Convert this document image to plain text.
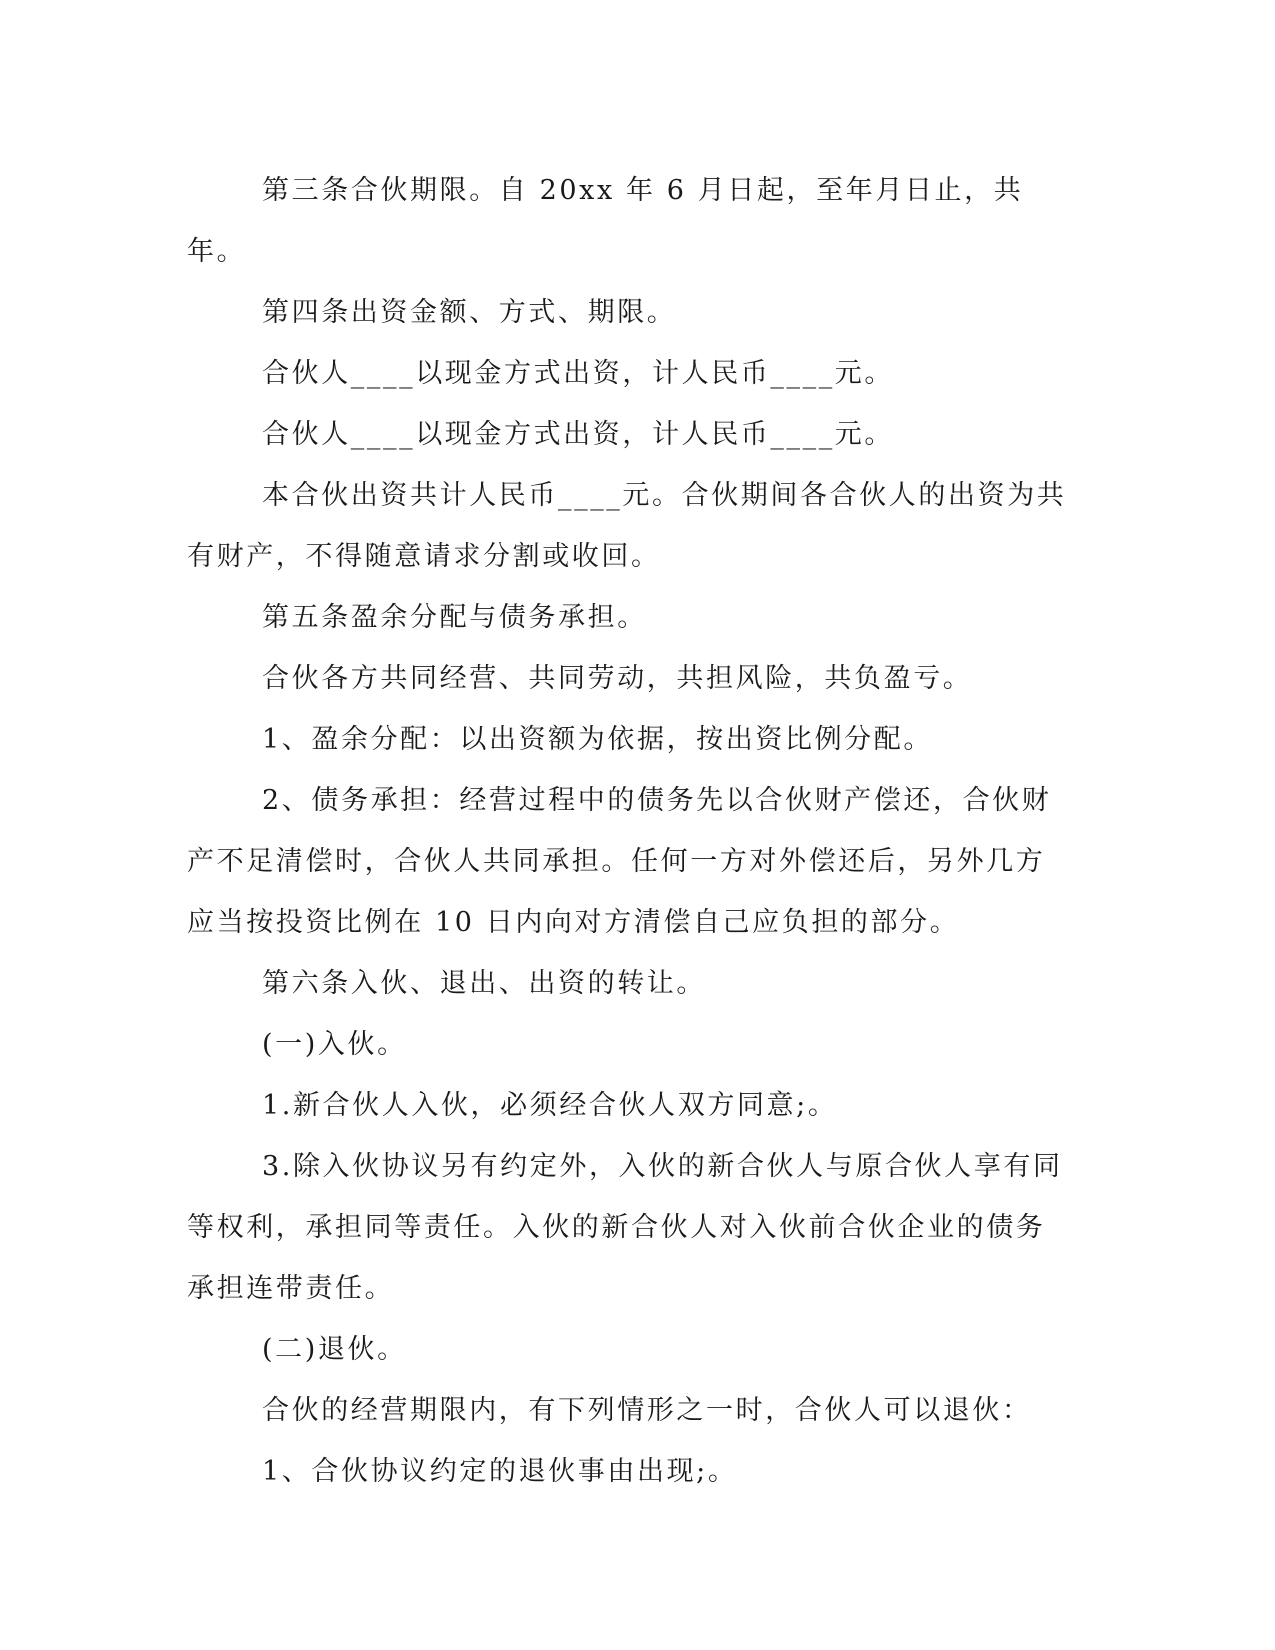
第三条合伙期限。自 20xx 年 6 月日起，至年月日止，共年。

第四条出资金额、方式、期限。

合伙人____以现金方式出资，计人民币____元。

合伙人____以现金方式出资，计人民币____元。

本合伙出资共计人民币____元。合伙期间各合伙人的出资为共有财产，不得随意请求分割或收回。

第五条盈余分配与债务承担。

合伙各方共同经营、共同劳动，共担风险，共负盈亏。

1、盈余分配：以出资额为依据，按出资比例分配。

2、债务承担：经营过程中的债务先以合伙财产偿还，合伙财产不足清偿时，合伙人共同承担。任何一方对外偿还后，另外几方应当按投资比例在 10 日内向对方清偿自己应负担的部分。

第六条入伙、退出、出资的转让。

(一)入伙。

1.新合伙人入伙，必须经合伙人双方同意;。

3.除入伙协议另有约定外，入伙的新合伙人与原合伙人享有同等权利，承担同等责任。入伙的新合伙人对入伙前合伙企业的债务承担连带责任。

(二)退伙。

合伙的经营期限内，有下列情形之一时，合伙人可以退伙：

1、合伙协议约定的退伙事由出现;。
